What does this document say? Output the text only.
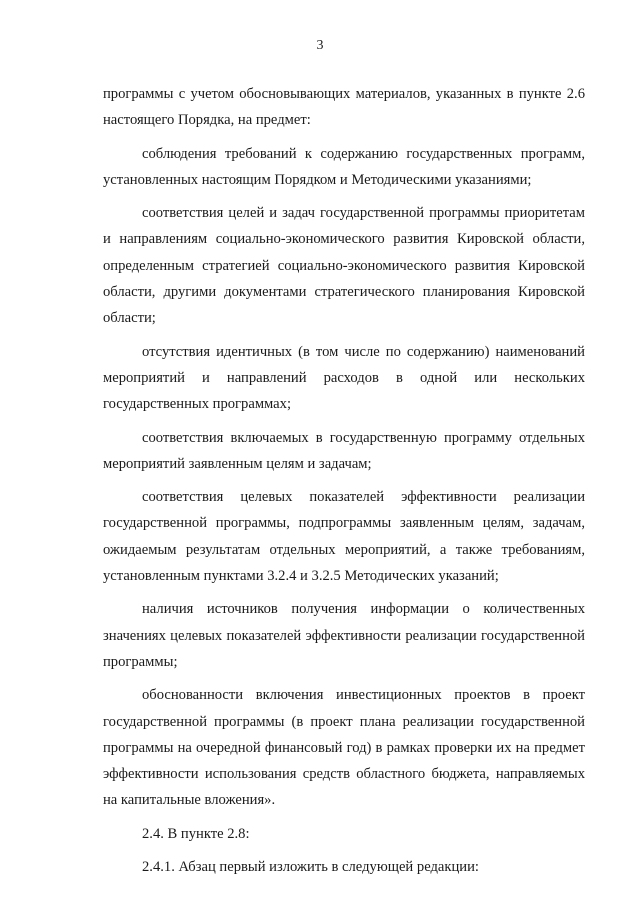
3

программы с учетом обосновывающих материалов, указанных в пункте 2.6 настоящего Порядка, на предмет:

соблюдения требований к содержанию государственных программ, установленных настоящим Порядком и Методическими указаниями;

соответствия целей и задач государственной программы приоритетам и направлениям социально-экономического развития Кировской области, определенным стратегией социально-экономического развития Кировской области, другими документами стратегического планирования Кировской области;

отсутствия идентичных (в том числе по содержанию) наименований мероприятий и направлений расходов в одной или нескольких государственных программах;

соответствия включаемых в государственную программу отдельных мероприятий заявленным целям и задачам;

соответствия целевых показателей эффективности реализации государственной программы, подпрограммы заявленным целям, задачам, ожидаемым результатам отдельных мероприятий, а также требованиям, установленным пунктами 3.2.4 и 3.2.5 Методических указаний;

наличия источников получения информации о количественных значениях целевых показателей эффективности реализации государственной программы;

обоснованности включения инвестиционных проектов в проект государственной программы (в проект плана реализации государственной программы на очередной финансовый год) в рамках проверки их на предмет эффективности использования средств областного бюджета, направляемых на капитальные вложения».

2.4. В пункте 2.8:

2.4.1. Абзац первый изложить в следующей редакции:
